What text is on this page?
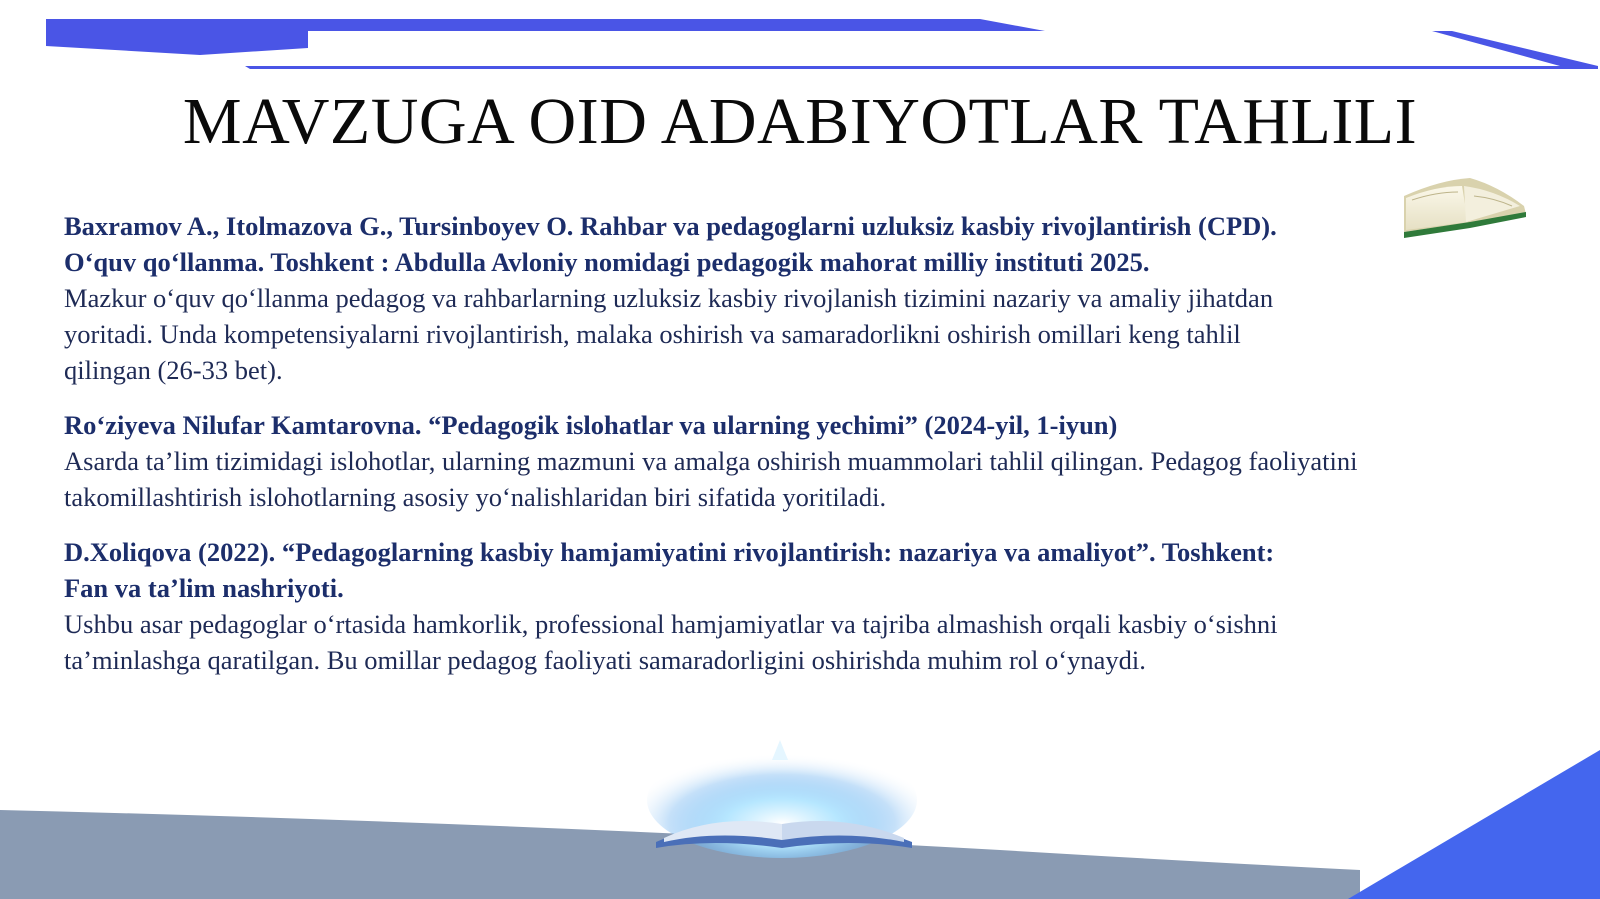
MAVZUGA OID ADABIYOTLAR TAHLILI

Baxramov A., Itolmazova G., Tursinboyev O. Rahbar va pedagoglarni uzluksiz kasbiy rivojlantirish (CPD). O‘quv qo‘llanma. Toshkent : Abdulla Avloniy nomidagi pedagogik mahorat milliy instituti 2025.

Mazkur o‘quv qo‘llanma pedagog va rahbarlarning uzluksiz kasbiy rivojlanish tizimini nazariy va amaliy jihatdan yoritadi. Unda kompetensiyalarni rivojlantirish, malaka oshirish va samaradorlikni oshirish omillari keng tahlil qilingan (26-33 bet).

Ro‘ziyeva Nilufar Kamtarovna. “Pedagogik islohatlar va ularning yechimi” (2024-yil, 1-iyun)

Asarda ta’lim tizimidagi islohotlar, ularning mazmuni va amalga oshirish muammolari tahlil qilingan. Pedagog faoliyatini takomillashtirish islohotlarning asosiy yo‘nalishlaridan biri sifatida yoritiladi.

D.Xoliqova (2022). “Pedagoglarning kasbiy hamjamiyatini rivojlantirish: nazariya va amaliyot”. Toshkent: Fan va ta’lim nashriyoti.

Ushbu asar pedagoglar o‘rtasida hamkorlik, professional hamjamiyatlar va tajriba almashish orqali kasbiy o‘sishni ta’minlashga qaratilgan. Bu omillar pedagog faoliyati samaradorligini oshirishda muhim rol o‘ynaydi.
